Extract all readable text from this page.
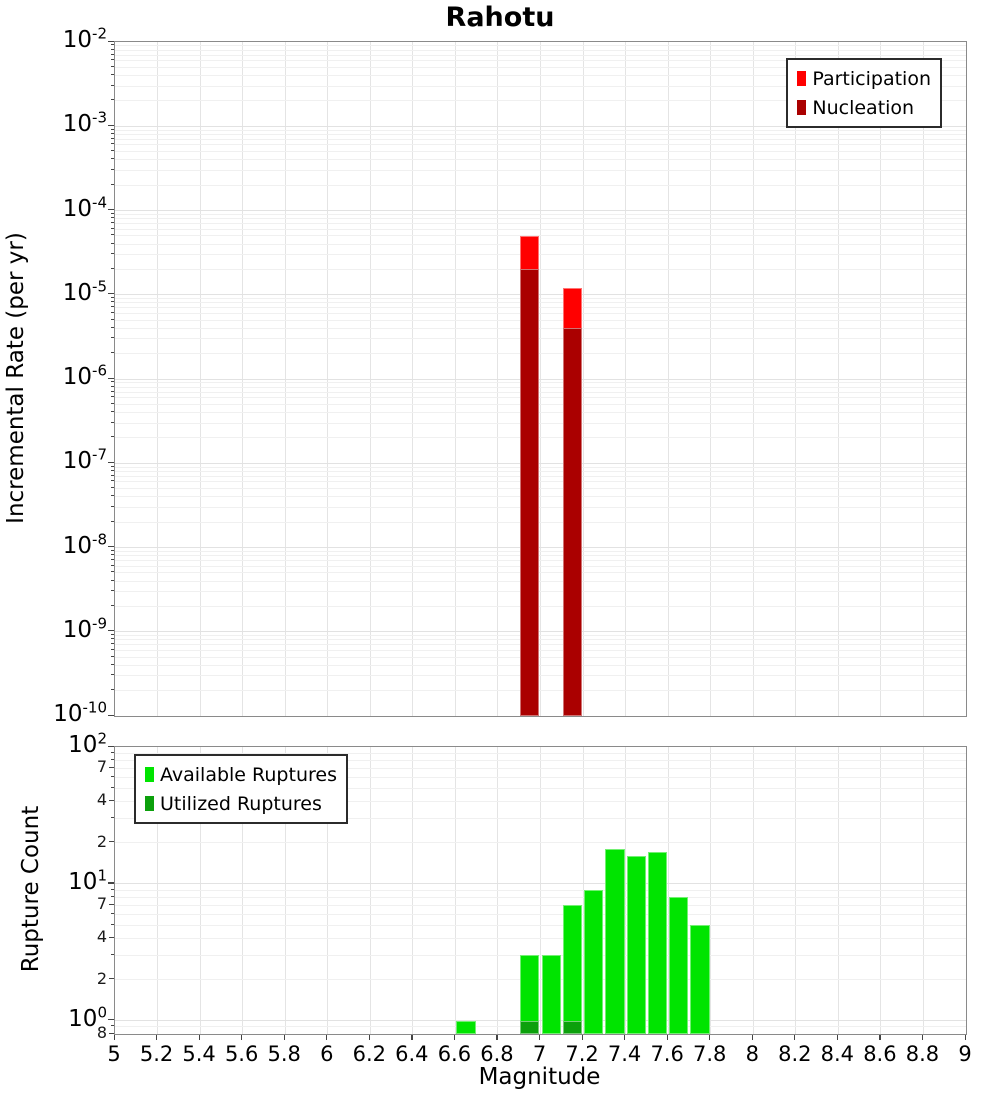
Rahotu
Participation
Nucleation
Available Ruptures
Utilized Ruptures
$10^{-2}$
$10^{-3}$
$10^{-4}$
$10^{-5}$
$10^{-6}$
$10^{-7}$
$10^{-8}$
$10^{-9}$
$10^{-10}$
$10^2$
$10^1$
$10^0$
7
4
2
7
4
2
8
5 5.2 5.4 5.6 5.8 6 6.2 6.4 6.6 6.8 7 7.2 7.4 7.6 7.8 8 8.2 8.4 8.6 8.8 9
Incremental Rate (per yr)
Rupture Count
Magnitude
